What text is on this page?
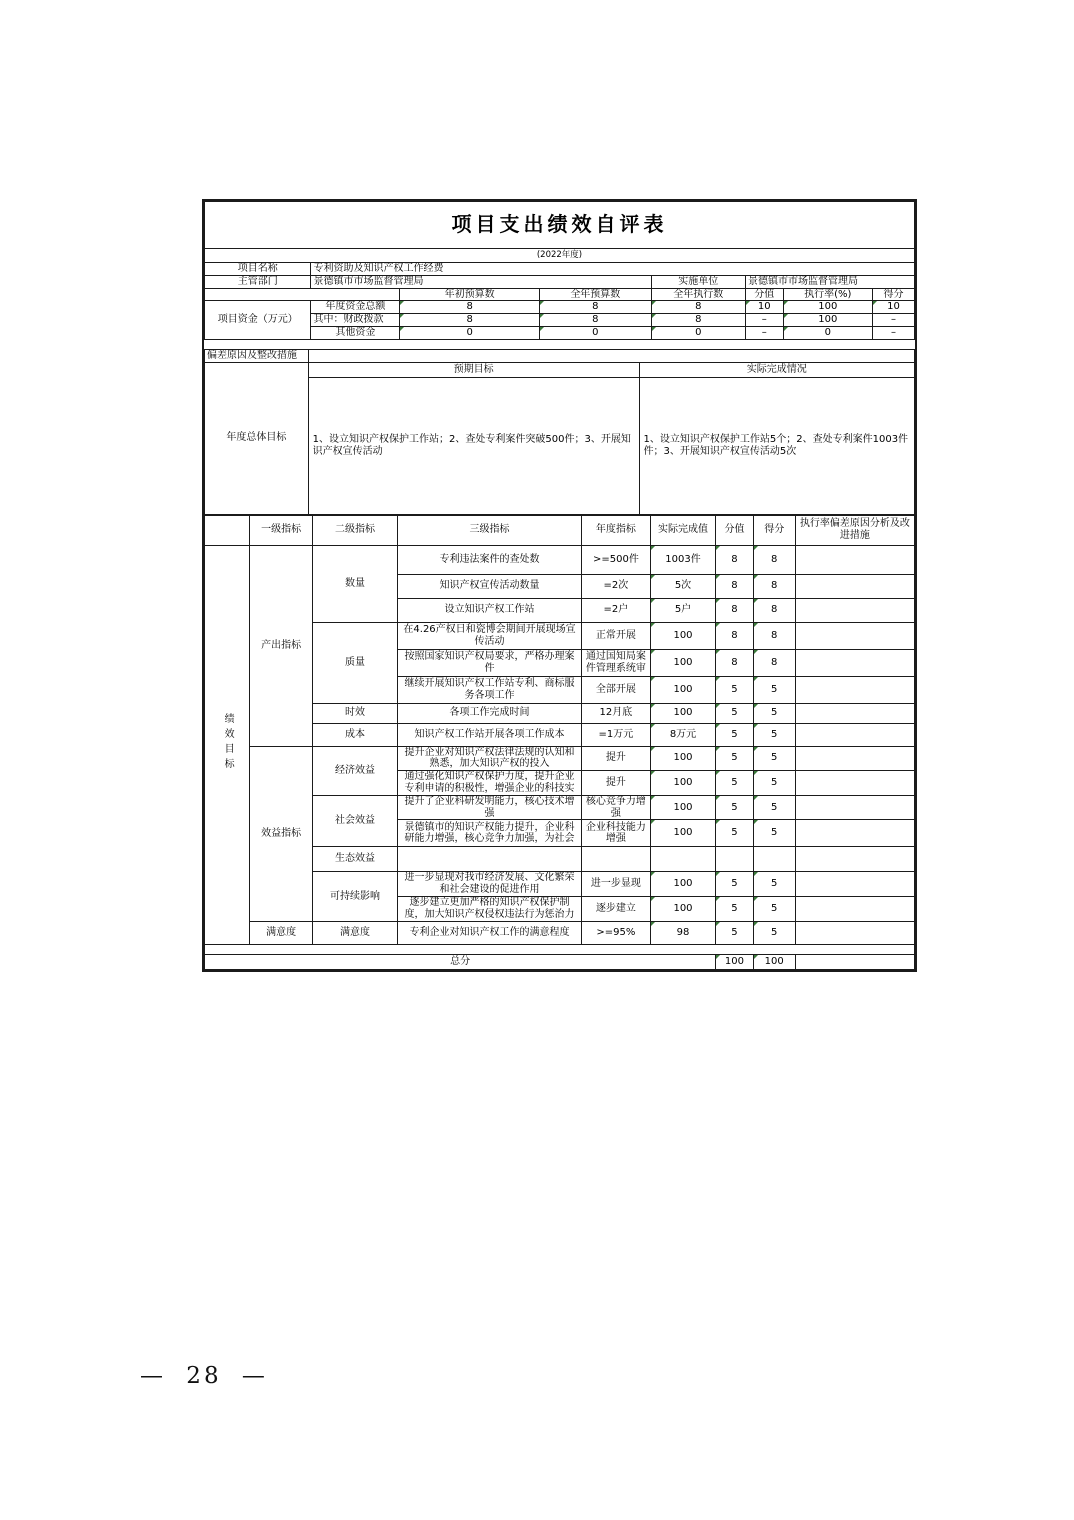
项目支出绩效自评表							
(2022年度)							
项目名称	专利资助及知识产权工作经费						
主管部门	景德镇市市场监督管理局			实施单位	景德镇市市场监督管理局		
		年初预算数	全年预算数	全年执行数	分值	执行率(%)	得分
项目资金（万元）	年度资金总额	8	8	8	10	100	10
	其中：财政拨款	8	8	8	–	100	–
	其他资金	0	0	0	–	0	–
偏差原因及整改措施		
年度总体目标	预期目标	实际完成情况
	1、设立知识产权保护工作站；2、查处专利案件突破500件；3、开展知识产权宣传活动	1、设立知识产权保护工作站5个；2、查处专利案件1003件件；3、开展知识产权宣传活动5次
	一级指标	二级指标	三级指标	年度指标	实际完成值	分值	得分	执行率偏差原因分析及改进措施
绩效目标	产出指标	数量	专利违法案件的查处数	>=500件	1003件	8	8	
			知识产权宣传活动数量	=2次	5次	8	8	
			设立知识产权工作站	=2户	5户	8	8	
		质量	在4.26产权日和瓷博会期间开展现场宣传活动	正常开展	100	8	8	
			按照国家知识产权局要求，严格办理案件	通过国知局案件管理系统审	100	8	8	
			继续开展知识产权工作站专利、商标服务各项工作	全部开展	100	5	5	
		时效	各项工作完成时间	12月底	100	5	5	
		成本	知识产权工作站开展各项工作成本	=1万元	8万元	5	5	
	效益指标	经济效益	提升企业对知识产权法律法规的认知和熟悉，加大知识产权的投入	提升	100	5	5	
			通过强化知识产权保护力度，提升企业专利申请的积极性，增强企业的科技实	提升	100	5	5	
		社会效益	提升了企业科研发明能力，核心技术增强	核心竞争力增强	100	5	5	
			景德镇市的知识产权能力提升，企业科研能力增强，核心竞争力加强，为社会	企业科技能力增强	100	5	5	
		生态效益						
		可持续影响	进一步显现对我市经济发展、文化繁荣和社会建设的促进作用	进一步显现	100	5	5	
			逐步建立更加严格的知识产权保护制度，加大知识产权侵权违法行为惩治力	逐步建立	100	5	5	
	满意度	满意度	专利企业对知识产权工作的满意程度	>=95%	98	5	5	

总分						100	100	
— 28 —
